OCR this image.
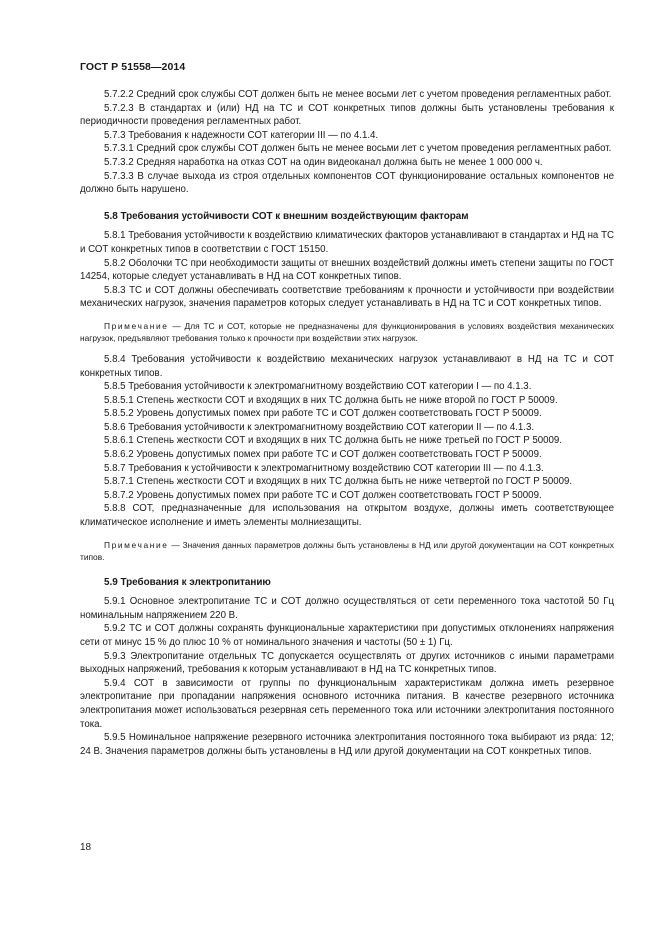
ГОСТ Р 51558—2014

5.7.2.2 Средний срок службы СОТ должен быть не менее восьми лет с учетом проведения регламентных работ.

5.7.2.3 В стандартах и (или) НД на ТС и СОТ конкретных типов должны быть установлены требования к периодичности проведения регламентных работ.

5.7.3 Требования к надежности СОТ категории III — по 4.1.4.

5.7.3.1 Средний срок службы СОТ должен быть не менее восьми лет с учетом проведения регламентных работ.

5.7.3.2 Средняя наработка на отказ СОТ на один видеоканал должна быть не менее 1 000 000 ч.

5.7.3.3 В случае выхода из строя отдельных компонентов СОТ функционирование остальных компонентов не должно быть нарушено.

5.8 Требования устойчивости СОТ к внешним воздействующим факторам

5.8.1 Требования устойчивости к воздействию климатических факторов устанавливают в стандартах и НД на ТС и СОТ конкретных типов в соответствии с ГОСТ 15150.

5.8.2 Оболочки ТС при необходимости защиты от внешних воздействий должны иметь степени защиты по ГОСТ 14254, которые следует устанавливать в НД на СОТ конкретных типов.

5.8.3 ТС и СОТ должны обеспечивать соответствие требованиям к прочности и устойчивости при воздействии механических нагрузок, значения параметров которых следует устанавливать в НД на ТС и СОТ конкретных типов.

Примечание — Для ТС и СОТ, которые не предназначены для функционирования в условиях воздействия механических нагрузок, предъявляют требования только к прочности при воздействии этих нагрузок.

5.8.4 Требования устойчивости к воздействию механических нагрузок устанавливают в НД на ТС и СОТ конкретных типов.

5.8.5 Требования устойчивости к электромагнитному воздействию СОТ категории I — по 4.1.3.

5.8.5.1 Степень жесткости СОТ и входящих в них ТС должна быть не ниже второй по ГОСТ Р 50009.

5.8.5.2 Уровень допустимых помех при работе ТС и СОТ должен соответствовать ГОСТ Р 50009.

5.8.6 Требования устойчивости к электромагнитному воздействию СОТ категории II — по 4.1.3.

5.8.6.1 Степень жесткости СОТ и входящих в них ТС должна быть не ниже третьей по ГОСТ Р 50009.

5.8.6.2 Уровень допустимых помех при работе ТС и СОТ должен соответствовать ГОСТ Р 50009.

5.8.7 Требования к устойчивости к электромагнитному воздействию СОТ категории III — по 4.1.3.

5.8.7.1 Степень жесткости СОТ и входящих в них ТС должна быть не ниже четвертой по ГОСТ Р 50009.

5.8.7.2 Уровень допустимых помех при работе ТС и СОТ должен соответствовать ГОСТ Р 50009.

5.8.8 СОТ, предназначенные для использования на открытом воздухе, должны иметь соответствующее климатическое исполнение и иметь элементы молниезащиты.

Примечание — Значения данных параметров должны быть установлены в НД или другой документации на СОТ конкретных типов.

5.9 Требования к электропитанию

5.9.1 Основное электропитание ТС и СОТ должно осуществляться от сети переменного тока частотой 50 Гц номинальным напряжением 220 В.

5.9.2 ТС и СОТ должны сохранять функциональные характеристики при допустимых отклонениях напряжения сети от минус 15 % до плюс 10 % от номинального значения и частоты (50 ± 1) Гц.

5.9.3 Электропитание отдельных ТС допускается осуществлять от других источников с иными параметрами выходных напряжений, требования к которым устанавливают в НД на ТС конкретных типов.

5.9.4 СОТ в зависимости от группы по функциональным характеристикам должна иметь резервное электропитание при пропадании напряжения основного источника питания. В качестве резервного источника электропитания может использоваться резервная сеть переменного тока или источники электропитания постоянного тока.

5.9.5 Номинальное напряжение резервного источника электропитания постоянного тока выбирают из ряда: 12; 24 В. Значения параметров должны быть установлены в НД или другой документации на СОТ конкретных типов.

18
